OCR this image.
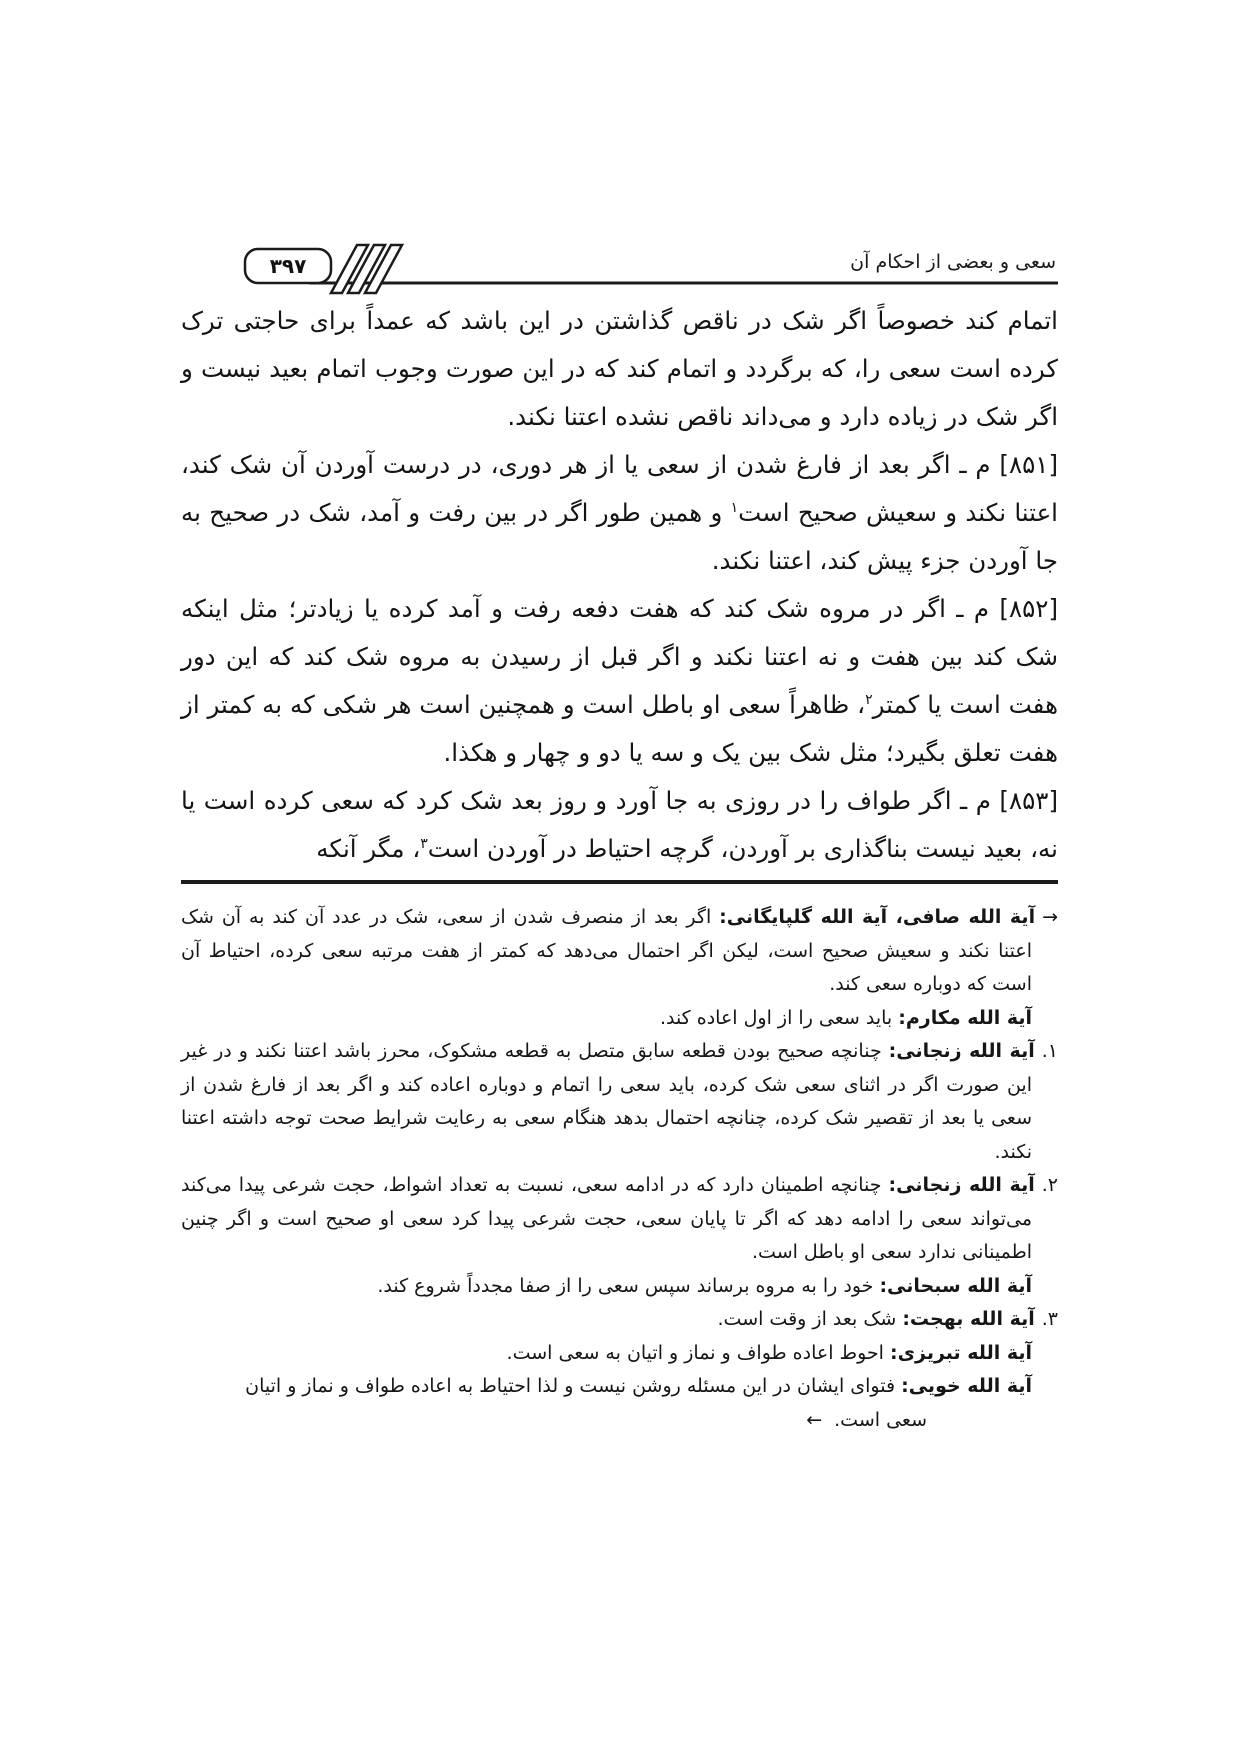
۳۹۷	سعی و بعضی از احکام آن

اتمام کند خصوصاً اگر شک در ناقص گذاشتن در این باشد که عمداً برای حاجتی ترک کرده است سعی را، که برگردد و اتمام کند که در این صورت وجوب اتمام بعید نیست و اگر شک در زیاده دارد و می‌داند ناقص نشده اعتنا نکند.

[۸۵۱] م ـ اگر بعد از فارغ شدن از سعی یا از هر دوری، در درست آوردن آن شک کند، اعتنا نکند و سعیش صحیح است$^۱$ و همین طور اگر در بین رفت و آمد، شک در صحیح به جا آوردن جزء پیش کند، اعتنا نکند.

[۸۵۲] م ـ اگر در مروه شک کند که هفت دفعه رفت و آمد کرده یا زیادتر؛ مثل اینکه شک کند بین هفت و نه اعتنا نکند و اگر قبل از رسیدن به مروه شک کند که این دور هفت است یا کمتر$^۲$، ظاهراً سعی او باطل است و همچنین است هر شکی که به کمتر از هفت تعلق بگیرد؛ مثل شک بین یک و سه یا دو و چهار و هکذا.

[۸۵۳] م ـ اگر طواف را در روزی به جا آورد و روز بعد شک کرد که سعی کرده است یا نه، بعید نیست بناگذاری بر آوردن، گرچه احتیاط در آوردن است$^۳$، مگر آنکه

→آیة الله صافی، آیة الله گلپایگانی: اگر بعد از منصرف شدن از سعی، شک در عدد آن کند به آن شک اعتنا نکند و سعیش صحیح است، لیکن اگر احتمال می‌دهد که کمتر از هفت مرتبه سعی کرده، احتیاط آن است که دوباره سعی کند.
آیة الله مکارم: باید سعی را از اول اعاده کند.
۱.آیة الله زنجانی: چنانچه صحیح بودن قطعه سابق متصل به قطعه مشکوک، محرز باشد اعتنا نکند و در غیر این صورت اگر در اثنای سعی شک کرده، باید سعی را اتمام و دوباره اعاده کند و اگر بعد از فارغ شدن از سعی یا بعد از تقصیر شک کرده، چنانچه احتمال بدهد هنگام سعی به رعایت شرایط صحت توجه داشته اعتنا نکند.
۲.آیة الله زنجانی: چنانچه اطمینان دارد که در ادامه سعی، نسبت به تعداد اشواط، حجت شرعی پیدا می‌کند می‌تواند سعی را ادامه دهد که اگر تا پایان سعی، حجت شرعی پیدا کرد سعی او صحیح است و اگر چنین اطمینانی ندارد سعی او باطل است.
آیة الله سبحانی: خود را به مروه برساند سپس سعی را از صفا مجدداً شروع کند.
۳.آیة الله بهجت: شک بعد از وقت است.
آیة الله تبریزی: احوط اعاده طواف و نماز و اتیان به سعی است.
آیة الله خویی: فتوای ایشان در این مسئله روشن نیست و لذا احتیاط به اعاده طواف و نماز و اتیان
سعی است.←
